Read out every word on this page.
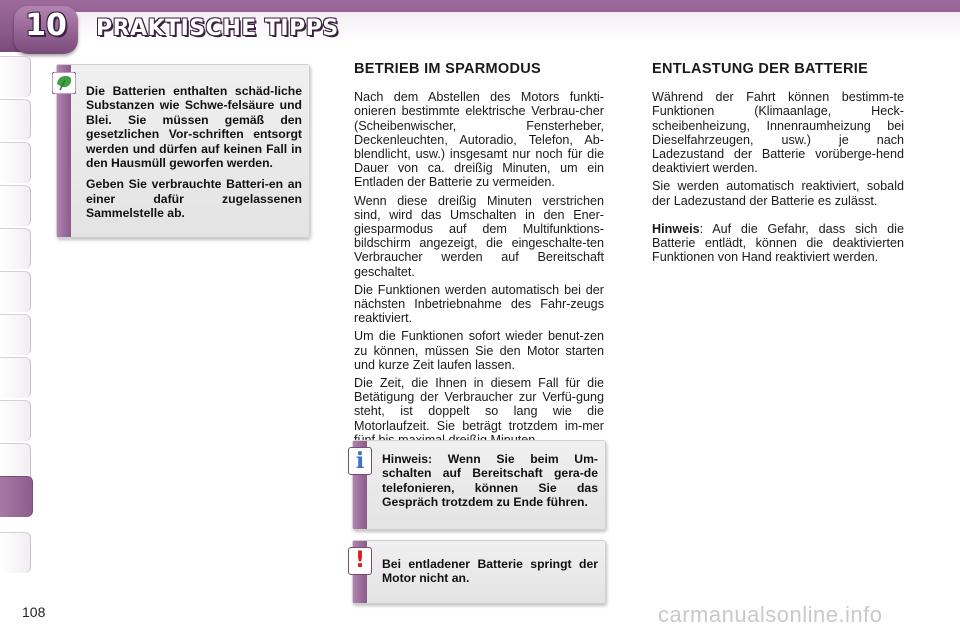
10	PRAKTISCHE TIPPS

Die Batterien enthalten schäd-liche Substanzen wie Schwe-felsäure und Blei. Sie müssen gemäß den gesetzlichen Vor-schriften entsorgt werden und dürfen auf keinen Fall in den Hausmüll geworfen werden.

Geben Sie verbrauchte Batteri-en an einer dafür zugelassenen Sammelstelle ab.

BETRIEB IM SPARMODUS

Nach dem Abstellen des Motors funkti-onieren bestimmte elektrische Verbrau-cher (Scheibenwischer, Fensterheber, Deckenleuchten, Autoradio, Telefon, Ab-blendlicht, usw.) insgesamt nur noch für die Dauer von ca. dreißig Minuten, um ein Entladen der Batterie zu vermeiden.

Wenn diese dreißig Minuten verstrichen sind, wird das Umschalten in den Ener-giesparmodus auf dem Multifunktions-bildschirm angezeigt, die eingeschalte-ten Verbraucher werden auf Bereitschaft geschaltet.

Die Funktionen werden automatisch bei der nächsten Inbetriebnahme des Fahr-zeugs reaktiviert.

Um die Funktionen sofort wieder benut-zen zu können, müssen Sie den Motor starten und kurze Zeit laufen lassen.

Die Zeit, die Ihnen in diesem Fall für die Betätigung der Verbraucher zur Verfü-gung steht, ist doppelt so lang wie die Motorlaufzeit. Sie beträgt trotzdem im-mer

ENTLASTUNG DER BATTERIE

Während der Fahrt können bestimm-te Funktionen (Klimaanlage, Heck-scheibenheizung, Innenraumheizung bei Dieselfahrzeugen, usw.) je nach Ladezustand der Batterie vorüberge-hend deaktiviert werden.

Sie werden automatisch reaktiviert, sobald der Ladezustand der Batterie es zulässt.

Hinweis: Auf die Gefahr, dass sich die Batterie entlädt, können die deaktivierten Funktionen von Hand reaktiviert werden.

i	Hinweis: Wenn Sie beim Um-schalten auf Bereitschaft gera-de telefonieren, können Sie das Gespräch trotzdem zu Ende führen.

!	Bei entladener Batterie springt der Motor nicht an.
108	carmanualsonline.info
